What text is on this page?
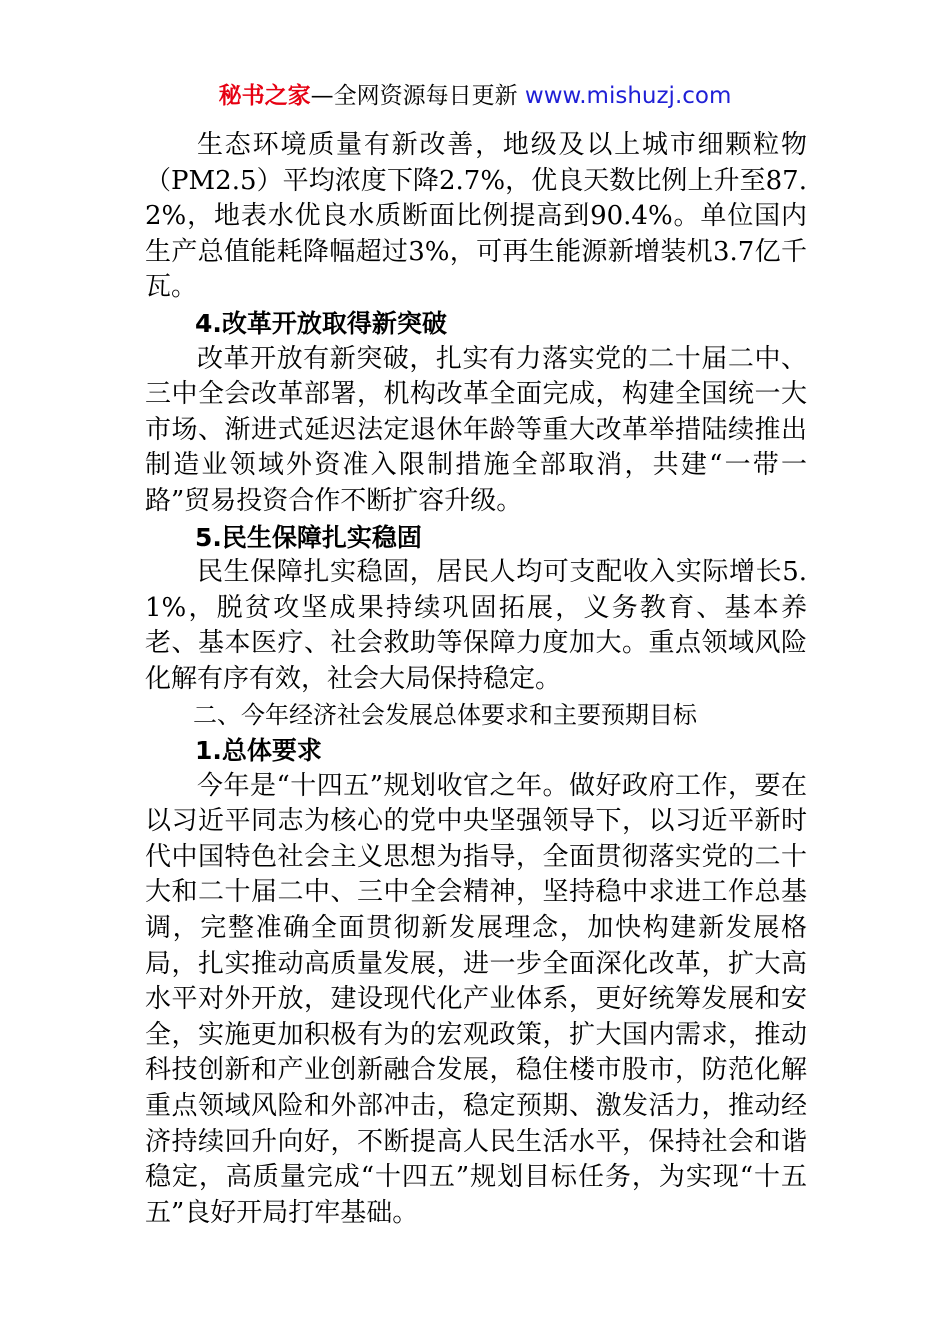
秘书之家—全网资源每日更新 www.mishuzj.com

生态环境质量有新改善，地级及以上城市细颗粒物（PM2.5）平均浓度下降2.7%，优良天数比例上升至87.2%，地表水优良水质断面比例提高到90.4%。单位国内生产总值能耗降幅超过3%，可再生能源新增装机3.7亿千瓦。

4.改革开放取得新突破

改革开放有新突破，扎实有力落实党的二十届二中、三中全会改革部署，机构改革全面完成，构建全国统一大市场、渐进式延迟法定退休年龄等重大改革举措陆续推出制造业领域外资准入限制措施全部取消，共建“一带一路”贸易投资合作不断扩容升级。

5.民生保障扎实稳固

民生保障扎实稳固，居民人均可支配收入实际增长5.1%，脱贫攻坚成果持续巩固拓展，义务教育、基本养老、基本医疗、社会救助等保障力度加大。重点领域风险化解有序有效，社会大局保持稳定。

二、今年经济社会发展总体要求和主要预期目标

1.总体要求

今年是“十四五”规划收官之年。做好政府工作，要在以习近平同志为核心的党中央坚强领导下，以习近平新时代中国特色社会主义思想为指导，全面贯彻落实党的二十大和二十届二中、三中全会精神，坚持稳中求进工作总基调，完整准确全面贯彻新发展理念，加快构建新发展格局，扎实推动高质量发展，进一步全面深化改革，扩大高水平对外开放，建设现代化产业体系，更好统筹发展和安全，实施更加积极有为的宏观政策，扩大国内需求，推动科技创新和产业创新融合发展，稳住楼市股市，防范化解重点领域风险和外部冲击，稳定预期、激发活力，推动经济持续回升向好，不断提高人民生活水平，保持社会和谐稳定，高质量完成“十四五”规划目标任务，为实现“十五五”良好开局打牢基础。
